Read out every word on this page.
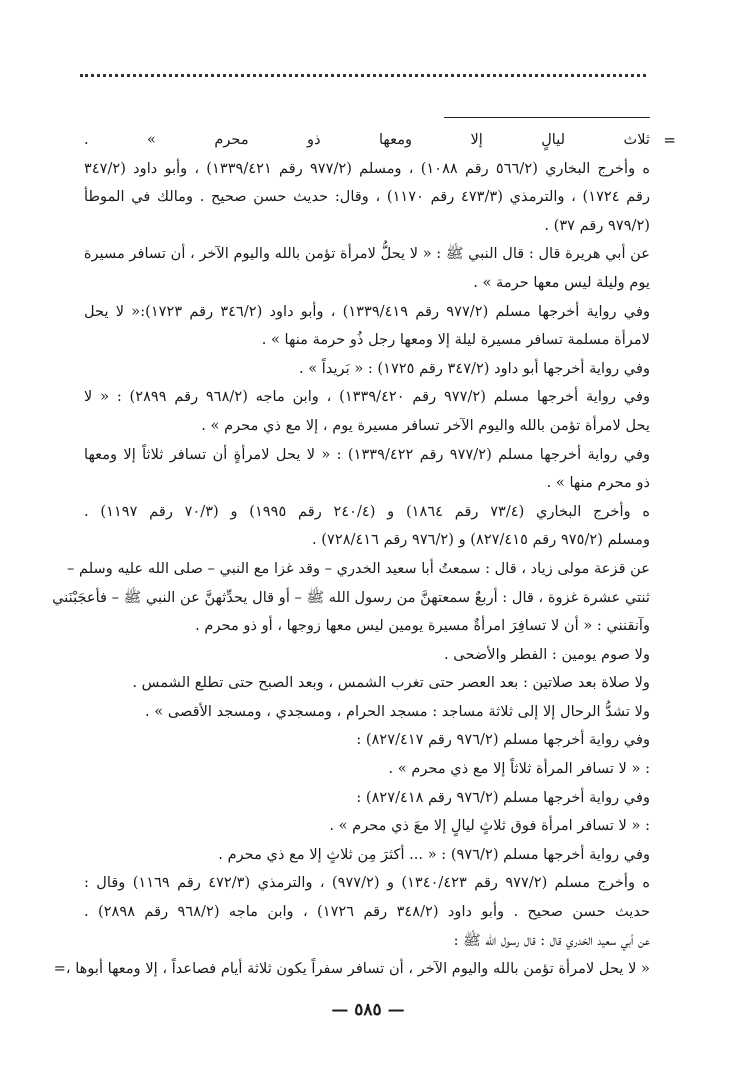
=
ثلاث ليالٍ إلا ومعها ذو محرم » .
ه وأخرج البخاري (٥٦٦/٢ رقم ١٠٨٨) ، ومسلم (٩٧٧/٢ رقم ١٣٣٩/٤٢١) ، وأبو داود (٣٤٧/٢
رقم ١٧٢٤) ، والترمذي (٤٧٣/٣ رقم ١١٧٠) ، وقال: حديث حسن صحيح . ومالك في الموطأ
(٩٧٩/٢ رقم ٣٧) .
عن أبي هريرة قال : قال النبي ﷺ : « لا يحلُّ لامرأة تؤمن بالله واليوم الآخر ، أن تسافر مسيرة
يوم وليلة ليس معها حرمة » .
وفي رواية أخرجها مسلم (٩٧٧/٢ رقم ١٣٣٩/٤١٩) ، وأبو داود (٣٤٦/٢ رقم ١٧٢٣):« لا يحل
لامرأة مسلمة تسافر مسيرة ليلة إلا ومعها رجل ذُو حرمة منها » .
وفي رواية أخرجها أبو داود (٣٤٧/٢ رقم ١٧٢٥) : « بَريداً » .
وفي رواية أخرجها مسلم (٩٧٧/٢ رقم ١٣٣٩/٤٢٠) ، وابن ماجه (٩٦٨/٢ رقم ٢٨٩٩) : « لا
يحل لامرأة تؤمن بالله واليوم الآخر تسافر مسيرة يوم ، إلا مع ذي محرم » .
وفي رواية أخرجها مسلم (٩٧٧/٢ رقم ١٣٣٩/٤٢٢) : « لا يحل لامرأةٍ أن تسافر ثلاثاً إلا ومعها
ذو محرم منها » .
ه وأخرج البخاري (٧٣/٤ رقم ١٨٦٤) و (٢٤٠/٤ رقم ١٩٩٥) و (٧٠/٣ رقم ١١٩٧) .
ومسلم (٩٧٥/٢ رقم ٨٢٧/٤١٥) و (٩٧٦/٢ رقم ٧٢٨/٤١٦) .
عن قزعة مولى زياد ، قال : سمعتُ أبا سعيد الخدري – وقد غزا مع النبي – صلى الله عليه وسلم –
ثنتي عشرة غزوة ، قال : أربعٌ سمعتهنَّ من رسول الله ﷺ – أو قال يحدِّثهنَّ عن النبي ﷺ – فأعجَبْنَني
وآنقنني : « أن لا تسافِرَ امرأةٌ مسيرة يومين ليس معها زوجها ، أو ذو محرم .
ولا صوم يومين : الفطر والأضحى .
ولا صلاة بعد صلاتين : بعد العصر حتى تغرب الشمس ، وبعد الصبح حتى تطلع الشمس .
ولا تشدُّ الرحال إلا إلى ثلاثة مساجد : مسجد الحرام ، ومسجدي ، ومسجد الأقصى » .
وفي رواية أخرجها مسلم (٩٧٦/٢ رقم ٨٢٧/٤١٧) :
: « لا تسافر المرأة ثلاثاً إلا مع ذي محرم » .
وفي رواية أخرجها مسلم (٩٧٦/٢ رقم ٨٢٧/٤١٨) :
: « لا تسافر امرأة فوق ثلاثٍ ليالٍ إلا معَ ذي محرم » .
وفي رواية أخرجها مسلم (٩٧٦/٢) : « ... أكثرَ مِن ثلاثٍ إلا مع ذي محرم .
ه وأخرج مسلم (٩٧٧/٢ رقم ١٣٤٠/٤٢٣) و (٩٧٧/٢) ، والترمذي (٤٧٢/٣ رقم ١١٦٩) وقال :
حديث حسن صحيح . وأبو داود (٣٤٨/٢ رقم ١٧٢٦) ، وابن ماجه (٩٦٨/٢ رقم ٢٨٩٨) .
عن أبي سعيد الخدري قال : قال رسول الله ﷺ :
« لا يحل لامرأة تؤمن بالله واليوم الآخر ، أن تسافر سفراً يكون ثلاثة أيام فصاعداً ، إلا ومعها أبوها ،=
— ٥٨٥ —
